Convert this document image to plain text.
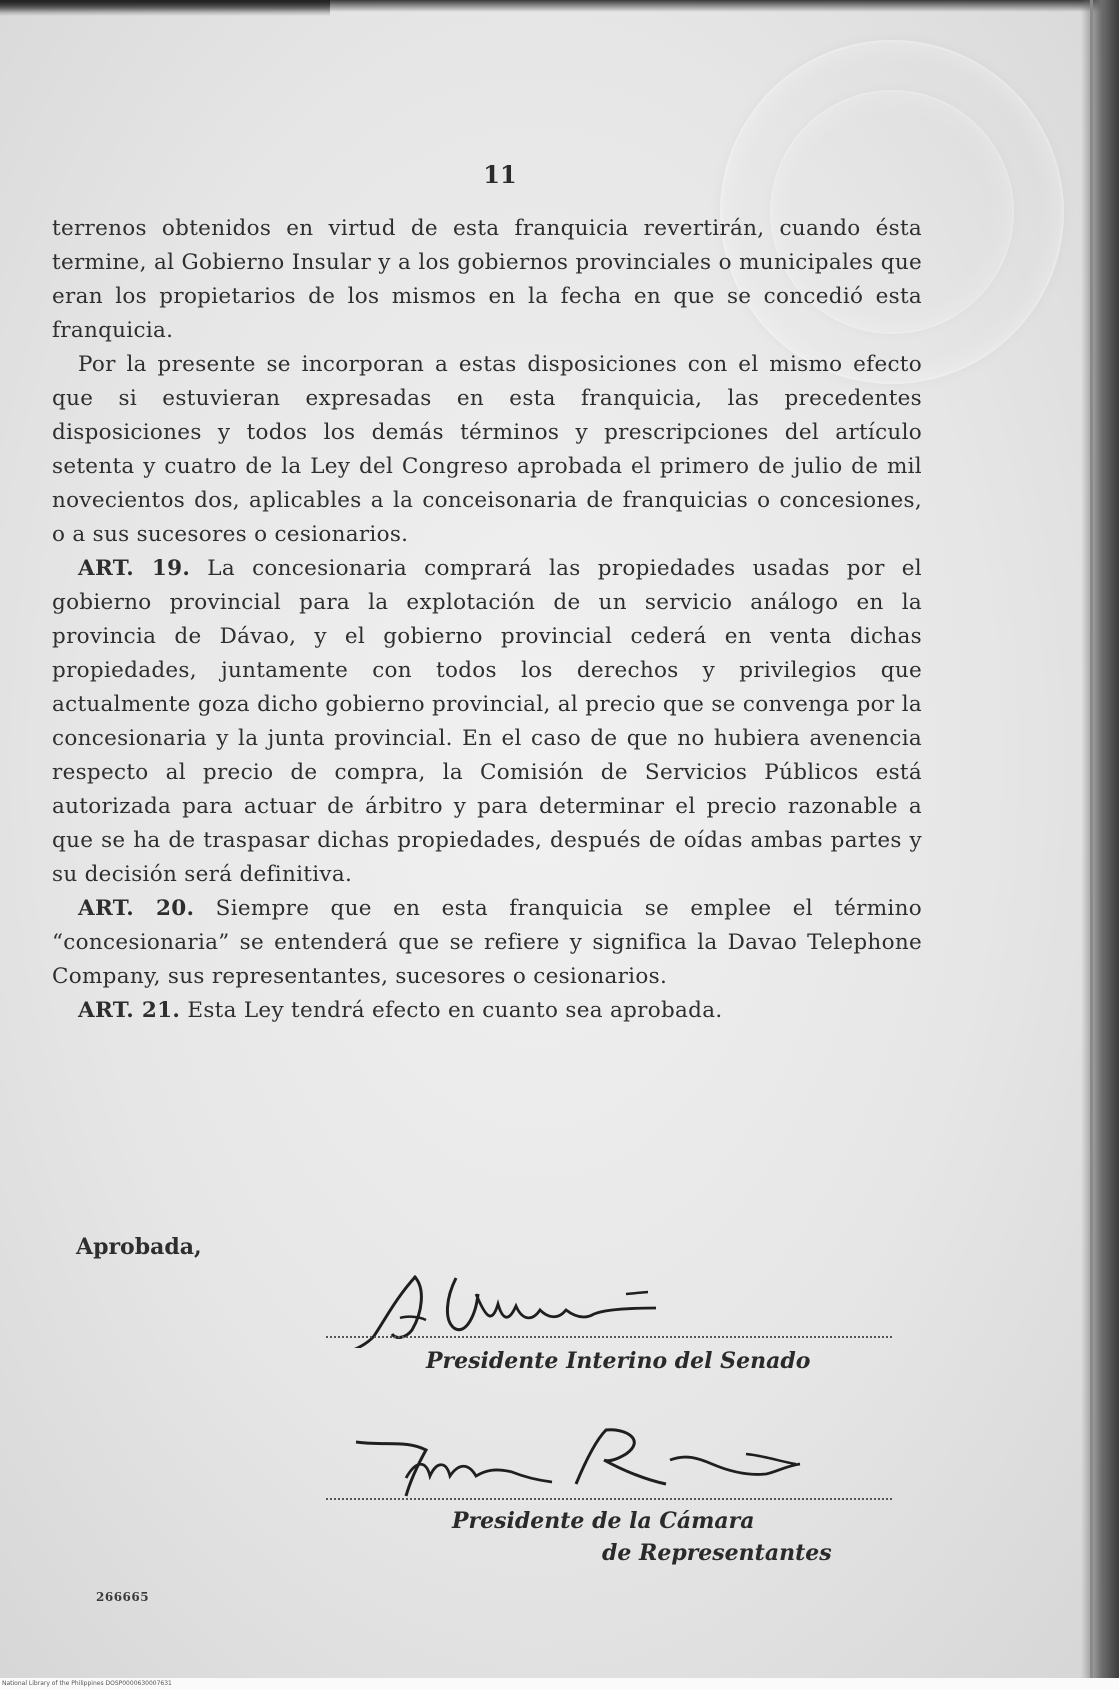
11

terrenos obtenidos en virtud de esta franquicia revertirán, cuando ésta termine, al Gobierno Insular y a los gobiernos provinciales o municipales que eran los propietarios de los mismos en la fecha en que se concedió esta franquicia.

Por la presente se incorporan a estas disposiciones con el mismo efecto que si estuvieran expresadas en esta franquicia, las precedentes disposiciones y todos los demás términos y prescripciones del artículo setenta y cuatro de la Ley del Congreso aprobada el primero de julio de mil novecientos dos, aplicables a la conceisonaria de franquicias o concesiones, o a sus sucesores o cesionarios.

ART. 19. La concesionaria comprará las propiedades usadas por el gobierno provincial para la explotación de un servicio análogo en la provincia de Dávao, y el gobierno provincial cederá en venta dichas propiedades, juntamente con todos los derechos y privilegios que actualmente goza dicho gobierno provincial, al precio que se convenga por la concesionaria y la junta provincial. En el caso de que no hubiera avenencia respecto al precio de compra, la Comisión de Servicios Públicos está autorizada para actuar de árbitro y para determinar el precio razonable a que se ha de traspasar dichas propiedades, después de oídas ambas partes y su decisión será definitiva.

ART. 20. Siempre que en esta franquicia se emplee el término “concesionaria” se entenderá que se refiere y significa la Davao Telephone Company, sus representantes, sucesores o cesionarios.

ART. 21. Esta Ley tendrá efecto en cuanto sea aprobada.

Aprobada,
Presidente Interino del Senado
Presidente de la Cámara
de Representantes
266665
National Library of the Philippines DOSP0000630007631
